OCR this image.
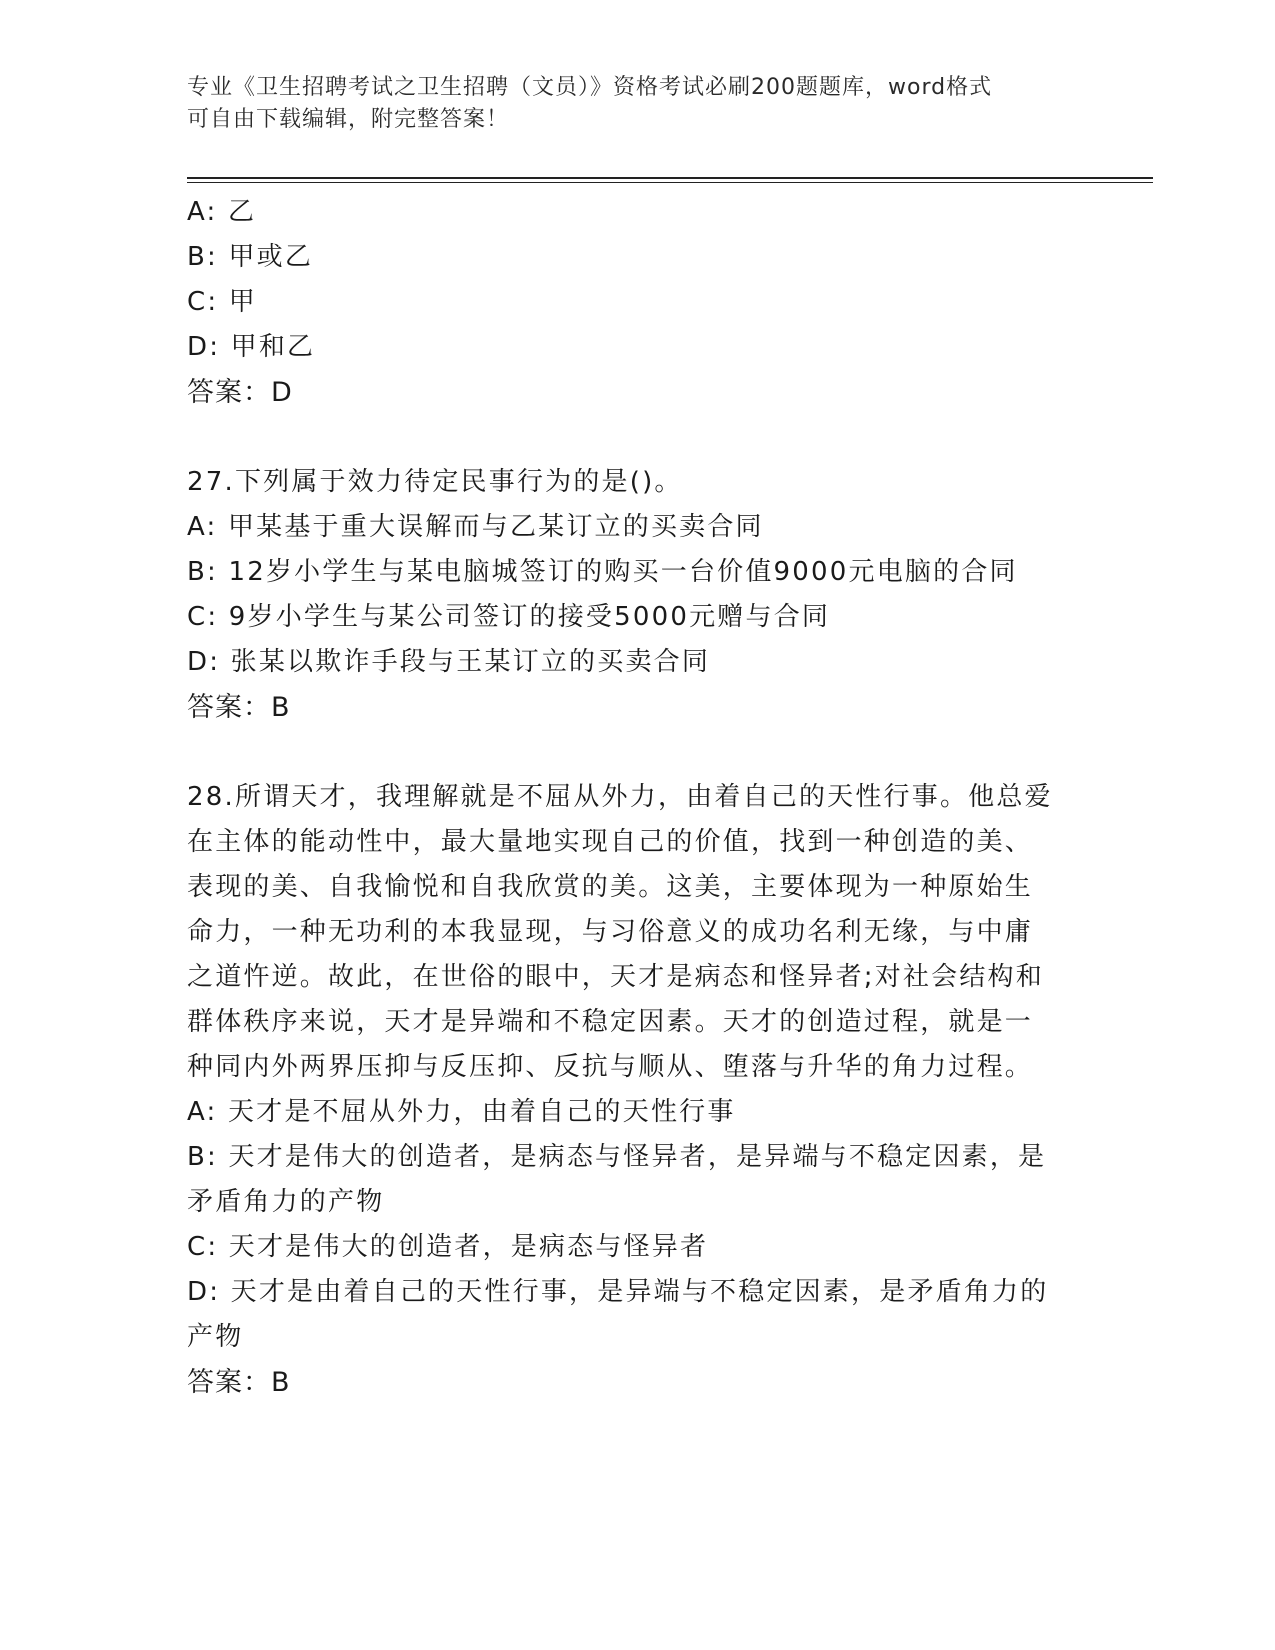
专业《卫生招聘考试之卫生招聘（文员）》资格考试必刷200题题库，word格式
可自由下载编辑，附完整答案！
A: 乙
B: 甲或乙
C: 甲
D: 甲和乙
答案：D
27.下列属于效力待定民事行为的是()。
A: 甲某基于重大误解而与乙某订立的买卖合同
B: 12岁小学生与某电脑城签订的购买一台价值9000元电脑的合同
C: 9岁小学生与某公司签订的接受5000元赠与合同
D: 张某以欺诈手段与王某订立的买卖合同
答案：B
28.所谓天才，我理解就是不屈从外力，由着自己的天性行事。他总爱
在主体的能动性中，最大量地实现自己的价值，找到一种创造的美、
表现的美、自我愉悦和自我欣赏的美。这美，主要体现为一种原始生
命力，一种无功利的本我显现，与习俗意义的成功名利无缘，与中庸
之道忤逆。故此，在世俗的眼中，天才是病态和怪异者;对社会结构和
群体秩序来说，天才是异端和不稳定因素。天才的创造过程，就是一
种同内外两界压抑与反压抑、反抗与顺从、堕落与升华的角力过程。
A: 天才是不屈从外力，由着自己的天性行事
B: 天才是伟大的创造者，是病态与怪异者，是异端与不稳定因素，是
矛盾角力的产物
C: 天才是伟大的创造者，是病态与怪异者
D: 天才是由着自己的天性行事，是异端与不稳定因素，是矛盾角力的
产物
答案：B
